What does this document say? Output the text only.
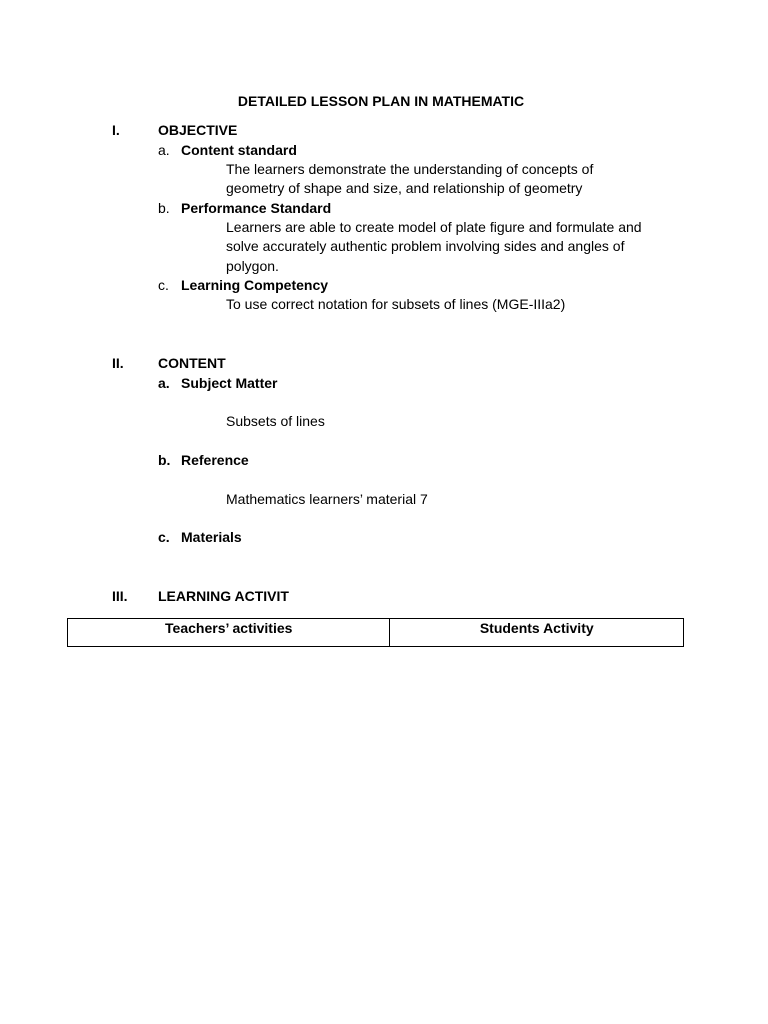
DETAILED LESSON PLAN IN MATHEMATIC
I.	OBJECTIVE
a. Content standard
The learners demonstrate the understanding of concepts of
geometry of shape and size, and relationship of geometry
b. Performance Standard
Learners are able to create model of plate figure and formulate and
solve accurately authentic problem involving sides and angles of
polygon.
c. Learning Competency
To use correct notation for subsets of lines (MGE-IIIa2)
II. CONTENT
a. Subject Matter
Subsets of lines
b. Reference
Mathematics learners’ material 7
c. Materials
III. LEARNING ACTIVIT
Teachers’ activities	Students Activity
